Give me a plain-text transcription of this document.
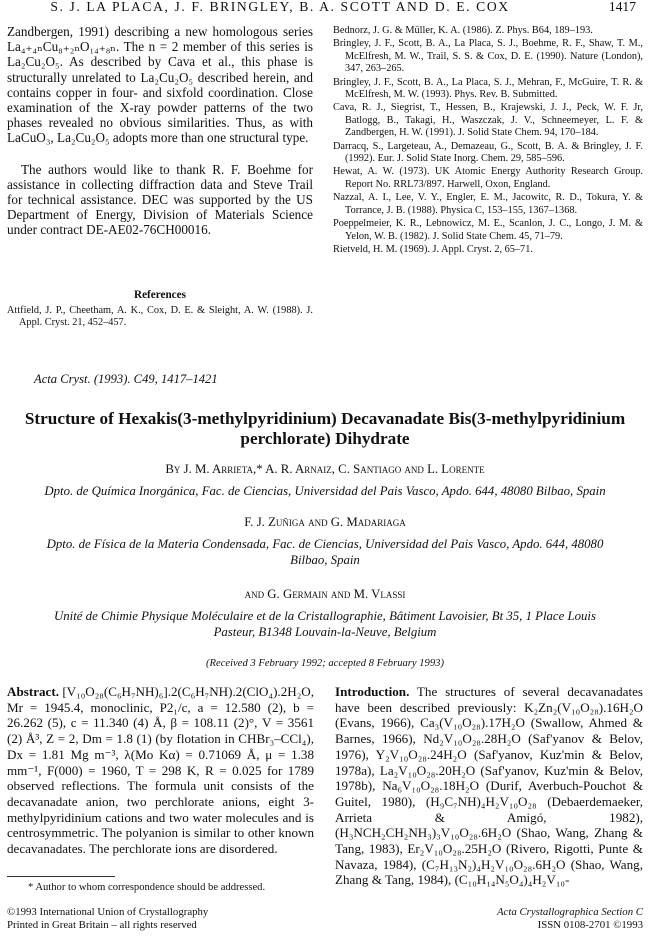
S. J. LA PLACA, J. F. BRINGLEY, B. A. SCOTT AND D. E. COX	1417
Zandbergen, 1991) describing a new homologous series La₄₊₄ₙCu₈₊₂ₙO₁₄₊₈ₙ. The n = 2 member of this series is La₂Cu₂O₅. As described by Cava et al., this phase is structurally unrelated to La₂Cu₂O₅ described herein, and contains copper in four- and sixfold coordination. Close examination of the X-ray powder patterns of the two phases revealed no obvious similarities. Thus, as with LaCuO₃, La₂Cu₂O₅ adopts more than one structural type.
The authors would like to thank R. F. Boehme for assistance in collecting diffraction data and Steve Trail for technical assistance. DEC was supported by the US Department of Energy, Division of Materials Science under contract DE-AE02-76CH00016.
References

Attfield, J. P., Cheetham, A. K., Cox, D. E. & Sleight, A. W. (1988). J. Appl. Cryst. 21, 452–457.

Bednorz, J. G. & Müller, K. A. (1986). Z. Phys. B64, 189–193.

Bringley, J. F., Scott, B. A., La Placa, S. J., Boehme, R. F., Shaw, T. M., McElfresh, M. W., Trail, S. S. & Cox, D. E. (1990). Nature (London), 347, 263–265.

Bringley, J. F., Scott, B. A., La Placa, S. J., Mehran, F., McGuire, T. R. & McElfresh, M. W. (1993). Phys. Rev. B. Submitted.

Cava, R. J., Siegrist, T., Hessen, B., Krajewski, J. J., Peck, W. F. Jr, Batlogg, B., Takagi, H., Waszczak, J. V., Schneemeyer, L. F. & Zandbergen, H. W. (1991). J. Solid State Chem. 94, 170–184.

Darracq, S., Largeteau, A., Demazeau, G., Scott, B. A. & Bringley, J. F. (1992). Eur. J. Solid State Inorg. Chem. 29, 585–596.

Hewat, A. W. (1973). UK Atomic Energy Authority Research Group. Report No. RRL73/897. Harwell, Oxon, England.

Nazzal, A. I., Lee, V. Y., Engler, E. M., Jacowitc, R. D., Tokura, Y. & Torrance, J. B. (1988). Physica C, 153–155, 1367–1368.

Poeppelmeier, K. R., Lebnowicz, M. E., Scanlon, J. C., Longo, J. M. & Yelon, W. B. (1982). J. Solid State Chem. 45, 71–79.

Rietveld, H. M. (1969). J. Appl. Cryst. 2, 65–71.

Acta Cryst. (1993). C49, 1417–1421
Structure of Hexakis(3-methylpyridinium) Decavanadate Bis(3-methylpyridinium perchlorate) Dihydrate
By J. M. Arrieta,* A. R. Arnaiz, C. Santiago and L. Lorente
Dpto. de Química Inorgánica, Fac. de Ciencias, Universidad del Pais Vasco, Apdo. 644, 48080 Bilbao, Spain
F. J. Zuñiga and G. Madariaga
Dpto. de Física de la Materia Condensada, Fac. de Ciencias, Universidad del Pais Vasco, Apdo. 644, 48080 Bilbao, Spain
and G. Germain and M. Vlassi
Unité de Chimie Physique Moléculaire et de la Cristallographie, Bâtiment Lavoisier, Bt 35, 1 Place Louis Pasteur, B1348 Louvain-la-Neuve, Belgium
(Received 3 February 1992; accepted 8 February 1993)
Abstract. [V₁₀O₂₈(C₆H₇NH)₆].2(C₆H₇NH).2(ClO₄).2H₂O, Mr = 1945.4, monoclinic, P2₁/c, a = 12.580 (2), b = 26.262 (5), c = 11.340 (4) Å, β = 108.11 (2)°, V = 3561 (2) Å³, Z = 2, Dm = 1.8 (1) (by flotation in CHBr₃–CCl₄), Dx = 1.81 Mg m⁻³, λ(Mo Kα) = 0.71069 Å, μ = 1.38 mm⁻¹, F(000) = 1960, T = 298 K, R = 0.025 for 1789 observed reflections. The formula unit consists of the decavanadate anion, two perchlorate anions, eight 3-methylpyridinium cations and two water molecules and is centrosymmetric. The polyanion is similar to other known decavanadates. The perchlorate ions are disordered.
Introduction. The structures of several decavanadates have been described previously: K₂Zn₂(V₁₀O₂₈).16H₂O (Evans, 1966), Ca₃(V₁₀O₂₈).17H₂O (Swallow, Ahmed & Barnes, 1966), Nd₂V₁₀O₂₈.28H₂O (Saf'yanov & Belov, 1976), Y₂V₁₀O₂₈.24H₂O (Saf'yanov, Kuz'min & Belov, 1978a), La₂V₁₀O₂₈.20H₂O (Saf'yanov, Kuz'min & Belov, 1978b), Na₆V₁₀O₂₈.18H₂O (Durif, Averbuch-Pouchot & Guitel, 1980), (H₉C₇NH)₄H₂V₁₀O₂₈ (Debaerdemaeker, Arrieta & Amigó, 1982), (H₃NCH₂CH₂NH₃)₃V₁₀O₂₈.6H₂O (Shao, Wang, Zhang & Tang, 1983), Er₂V₁₀O₂₈.25H₂O (Rivero, Rigotti, Punte & Navaza, 1984), (C₇H₁₃N₂)₄H₂V₁₀O₂₈.6H₂O (Shao, Wang, Zhang & Tang, 1984), (C₁₀H₁₄N₅O₄)₄H₂V₁₀-
* Author to whom correspondence should be addressed.
©1993 International Union of Crystallography
Printed in Great Britain – all rights reserved
Acta Crystallographica Section C
ISSN 0108-2701 ©1993
